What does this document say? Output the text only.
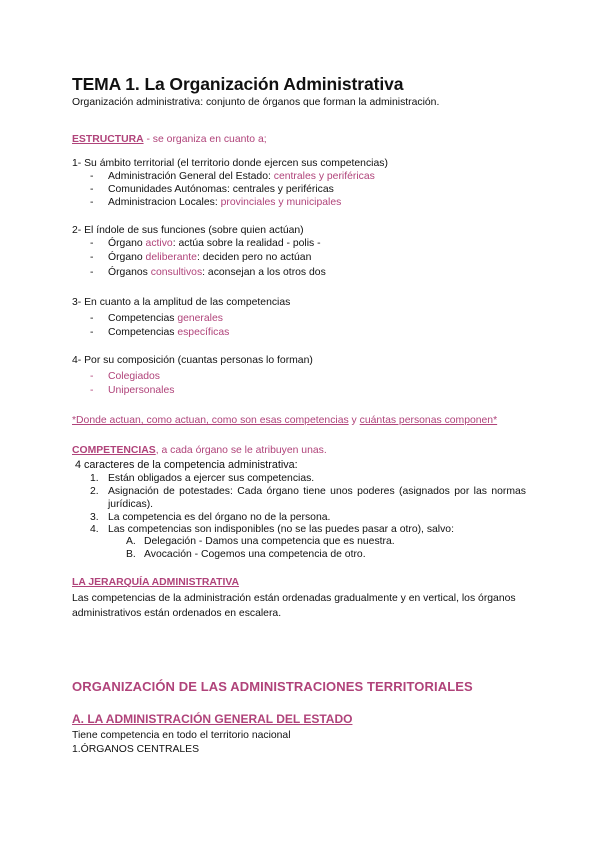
TEMA 1. La Organización Administrativa
Organización administrativa: conjunto de órganos que forman la administración.
ESTRUCTURA - se organiza en cuanto a;
1- Su ámbito territorial (el territorio donde ejercen sus competencias)
- Administración General del Estado: centrales y periféricas
- Comunidades Autónomas: centrales y periféricas
- Administracion Locales: provinciales y municipales
2- El índole de sus funciones (sobre quien actúan)
- Órgano activo: actúa sobre la realidad - polis -
- Órgano deliberante: deciden pero no actúan
- Órganos consultivos: aconsejan a los otros dos
3- En cuanto a la amplitud de las competencias
- Competencias generales
- Competencias específicas
4- Por su composición (cuantas personas lo forman)
- Colegiados
- Unipersonales
*Donde actuan, como actuan, como son esas competencias y cuántas personas componen*
COMPETENCIAS, a cada órgano se le atribuyen unas.
4 caracteres de la competencia administrativa:
1. Están obligados a ejercer sus competencias.
2. Asignación de potestades: Cada órgano tiene unos poderes (asignados por las normas jurídicas).
3. La competencia es del órgano no de la persona.
4. Las competencias son indisponibles (no se las puedes pasar a otro), salvo:
A. Delegación - Damos una competencia que es nuestra.
B. Avocación - Cogemos una competencia de otro.
LA JERARQUÍA ADMINISTRATIVA
Las competencias de la administración están ordenadas gradualmente y en vertical, los órganos administrativos están ordenados en escalera.
ORGANIZACIÓN DE LAS ADMINISTRACIONES TERRITORIALES
A. LA ADMINISTRACIÓN GENERAL DEL ESTADO
Tiene competencia en todo el territorio nacional
1.ÓRGANOS CENTRALES
